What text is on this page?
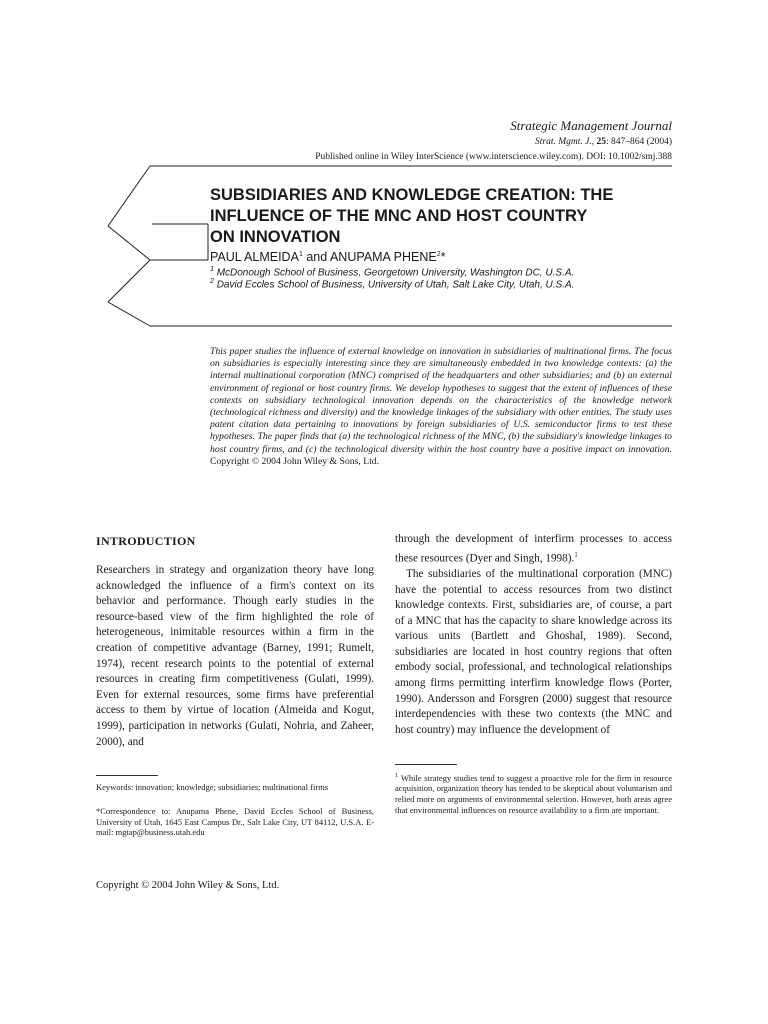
Strategic Management Journal
Strat. Mgmt. J., 25: 847–864 (2004)
Published online in Wiley InterScience (www.interscience.wiley.com). DOI: 10.1002/smj.388
SUBSIDIARIES AND KNOWLEDGE CREATION: THE
INFLUENCE OF THE MNC AND HOST COUNTRY
ON INNOVATION
PAUL ALMEIDA$^1$ and ANUPAMA PHENE$^2$*
$^1$ McDonough School of Business, Georgetown University, Washington DC, U.S.A.
$^2$ David Eccles School of Business, University of Utah, Salt Lake City, Utah, U.S.A.
This paper studies the influence of external knowledge on innovation in subsidiaries of multinational firms. The focus on subsidiaries is especially interesting since they are simultaneously embedded in two knowledge contexts: (a) the internal multinational corporation (MNC) comprised of the headquarters and other subsidiaries; and (b) an external environment of regional or host country firms. We develop hypotheses to suggest that the extent of influences of these contexts on subsidiary technological innovation depends on the characteristics of the knowledge network (technological richness and diversity) and the knowledge linkages of the subsidiary with other entities. The study uses patent citation data pertaining to innovations by foreign subsidiaries of U.S. semiconductor firms to test these hypotheses. The paper finds that (a) the technological richness of the MNC, (b) the subsidiary's knowledge linkages to host country firms, and (c) the technological diversity within the host country have a positive impact on innovation. Copyright © 2004 John Wiley & Sons, Ltd.
INTRODUCTION
Researchers in strategy and organization theory have long acknowledged the influence of a firm's context on its behavior and performance. Though early studies in the resource-based view of the firm highlighted the role of heterogeneous, inimitable resources within a firm in the creation of competitive advantage (Barney, 1991; Rumelt, 1974), recent research points to the potential of external resources in creating firm competitiveness (Gulati, 1999). Even for external resources, some firms have preferential access to them by virtue of location (Almeida and Kogut, 1999), participation in networks (Gulati, Nohria, and Zaheer, 2000), and
Keywords: innovation; knowledge; subsidiaries; multinational firms
*Correspondence to: Anupama Phene, David Eccles School of Business, University of Utah, 1645 East Campus Dr., Salt Lake City, UT 84112, U.S.A. E-mail: mgtap@business.utah.edu
through the development of interfirm processes to access these resources (Dyer and Singh, 1998).$^1$
The subsidiaries of the multinational corporation (MNC) have the potential to access resources from two distinct knowledge contexts. First, subsidiaries are, of course, a part of a MNC that has the capacity to share knowledge across its various units (Bartlett and Ghoshal, 1989). Second, subsidiaries are located in host country regions that often embody social, professional, and technological relationships among firms permitting interfirm knowledge flows (Porter, 1990). Andersson and Forsgren (2000) suggest that resource interdependencies with these two contexts (the MNC and host country) may influence the development of
$^1$ While strategy studies tend to suggest a proactive role for the firm in resource acquisition, organization theory has tended to be skeptical about voluntarism and relied more on arguments of environmental selection. However, both areas agree that environmental influences on resource availability to a firm are important.
Copyright © 2004 John Wiley & Sons, Ltd.
